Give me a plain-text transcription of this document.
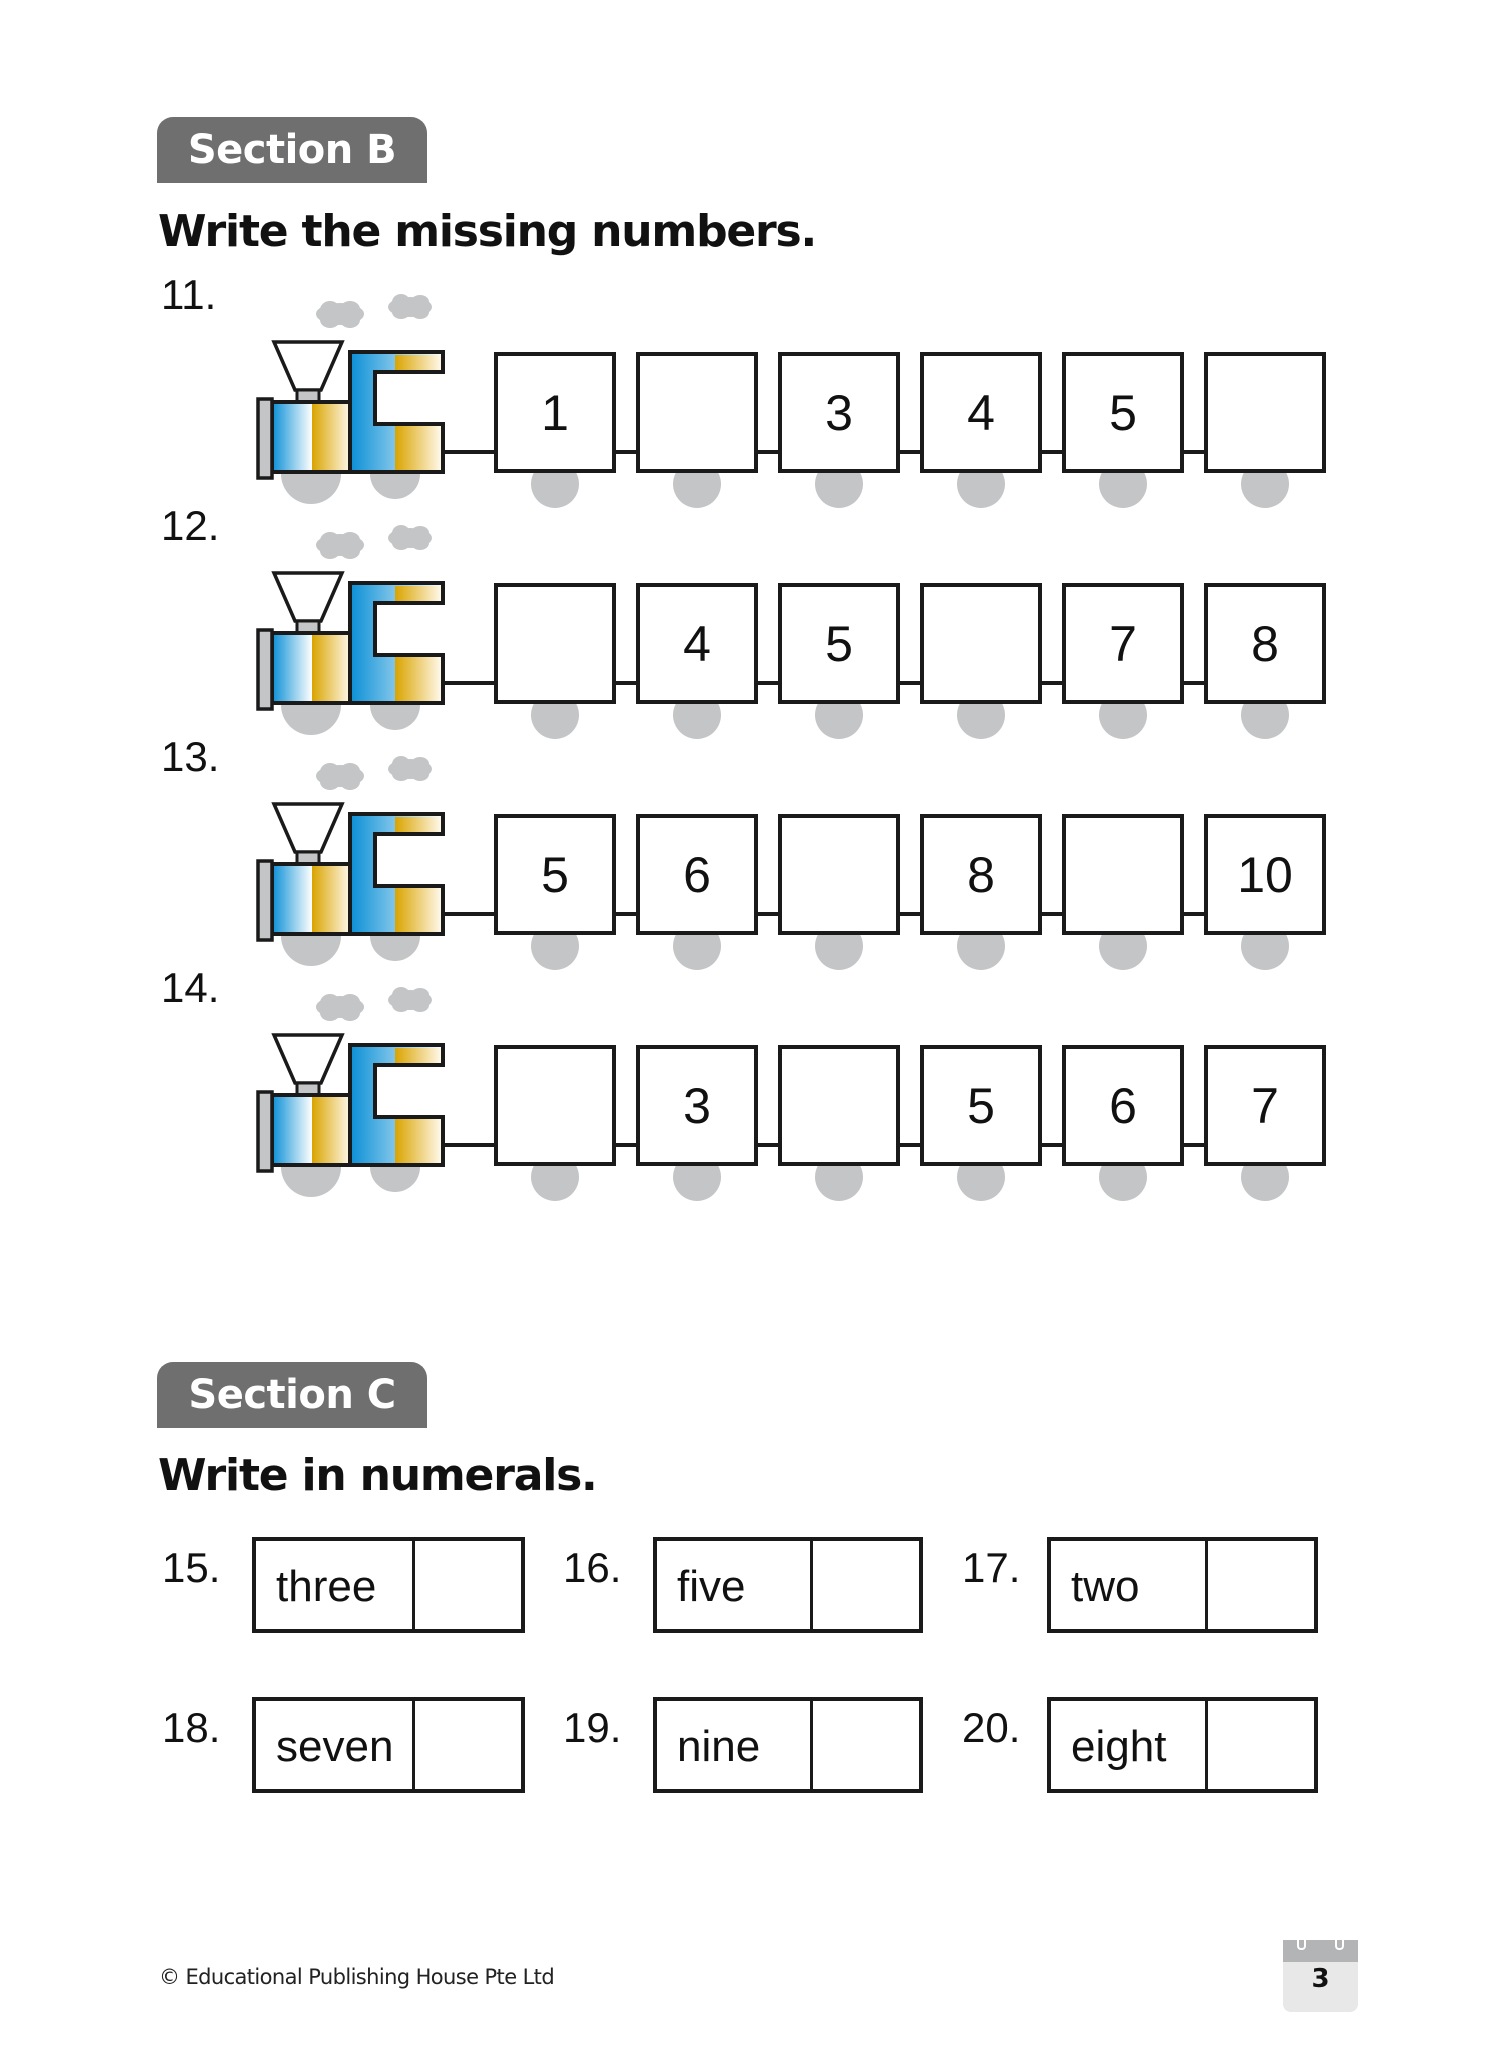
Section B
Write the missing numbers.
11.
1	3	4	5
12.
4	5	7	8
13.
5	6	8	10
14.
3	5	6	7
Section C
Write in numerals.
15.	three	16.	five	17.	two
18.	seven	19.	nine	20.	eight
© Educational Publishing House Pte Ltd	3
